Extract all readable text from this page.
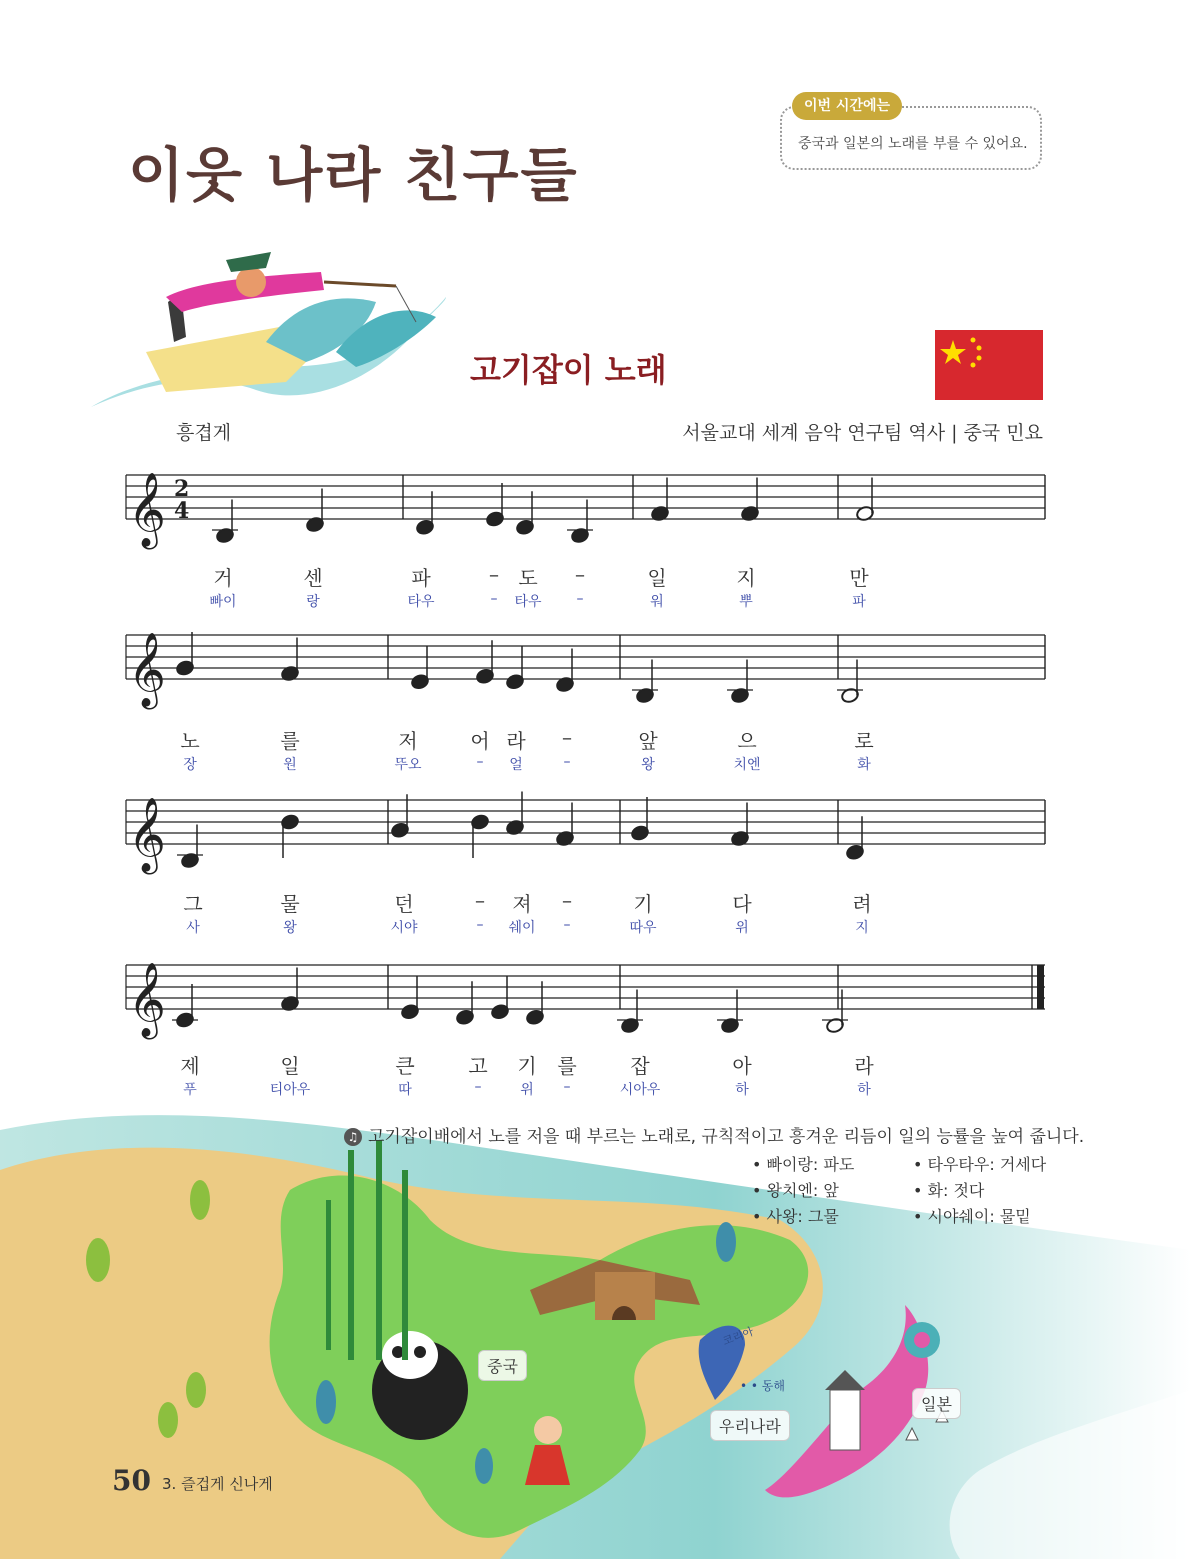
이웃 나라 친구들
이번 시간에는
중국과 일본의 노래를 부를 수 있어요.
고기잡이 노래
흥겹게	서울교대 세계 음악 연구팀 역사 | 중국 민요
𝄞 2
4
𝄞
𝄞
𝄞
거	센	파	– 도 –	일	지	만
빠이	랑	타우	– 타우 –	워	뿌	파
노	를	저	어 라 –	앞	으	로
장	원	뚜오	– 얼	–	왕	치엔	화
그	물	던	– 져 –	기	다	려
사	왕	시야	– 쉐이 –	따우	위	지
제	일	큰	고 기 를	잡	아	라
푸	티아우	따	–	위 –	시아우	하	하
♫ 고기잡이배에서 노를 저을 때 부르는 노래로, 규칙적이고 흥겨운 리듬이 일의 능률을 높여 줍니다.
• 빠이랑: 파도	• 타우타우: 거세다
• 왕치엔: 앞	• 화: 젓다
• 사왕: 그물	• 시야쉐이: 물밑
중국
우리나라
일본
• • 동해
코리아
50 3. 즐겁게 신나게
